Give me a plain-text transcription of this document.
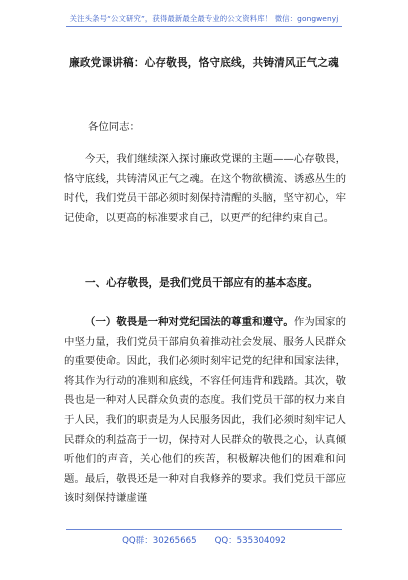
关注头条号“公文研究”，获得最新最全最专业的公文资料库！ 微信：gongwenyj
廉政党课讲稿：心存敬畏，恪守底线，共铸清风正气之魂
各位同志：

今天，我们继续深入探讨廉政党课的主题——心存敬畏，恪守底线，共铸清风正气之魂。在这个物欲横流、诱惑丛生的时代，我们党员干部必须时刻保持清醒的头脑，坚守初心，牢记使命，以更高的标准要求自己，以更严的纪律约束自己。

一、心存敬畏，是我们党员干部应有的基本态度。

（一）敬畏是一种对党纪国法的尊重和遵守。作为国家的中坚力量，我们党员干部肩负着推动社会发展、服务人民群众的重要使命。因此，我们必须时刻牢记党的纪律和国家法律，将其作为行动的准则和底线，不容任何违背和践踏。其次，敬畏也是一种对人民群众负责的态度。我们党员干部的权力来自于人民，我们的职责是为人民服务因此，我们必须时刻牢记人民群众的利益高于一切，保持对人民群众的敬畏之心，认真倾听他们的声音，关心他们的疾苦，积极解决他们的困难和问题。最后，敬畏还是一种对自我修养的要求。我们党员干部应该时刻保持谦虚谨

QQ群：30265665 QQ：535304092
